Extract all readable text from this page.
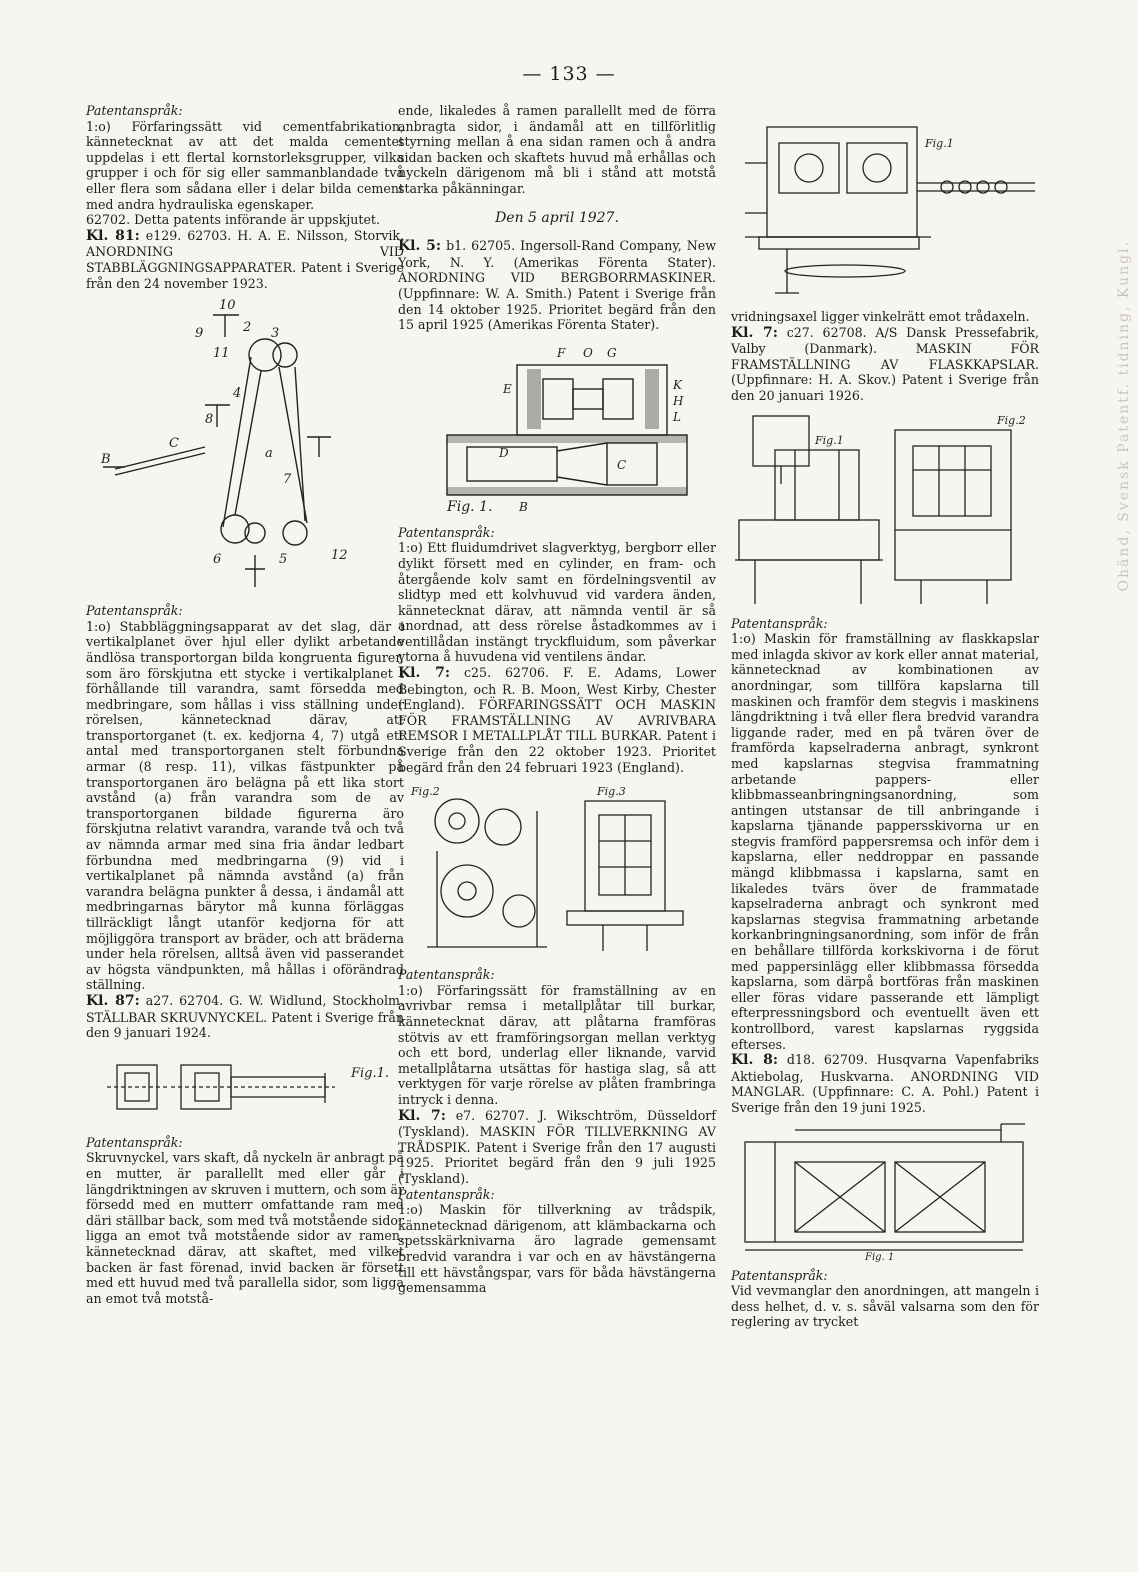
— 133 —
Ohänd, Svensk Patentf. tidning, Kungl.

Patentanspråk:

1:o) Förfaringssätt vid cementfabrikation, kännetecknat av att det malda cementet uppdelas i ett flertal kornstorleksgrupper, vilka grupper i och för sig eller sammanblandade två eller flera som sådana eller i delar bilda cement med andra hydrauliska egenskaper.

62702. Detta patents införande är uppskjutet.

Kl. 81: e129. 62703. H. A. E. Nilsson, Storvik. ANORDNING VID STABBLÄGGNINGSAPPARATER. Patent i Sverige från den 24 november 1923.

10
9	2 3
11
B
C
4
8
7
a
5
6	12

Patentanspråk:

1:o) Stabbläggningsapparat av det slag, där i vertikalplanet över hjul eller dylikt arbetande ändlösa transportorgan bilda kongruenta figurer, som äro förskjutna ett stycke i vertikalplanet i förhållande till varandra, samt försedda med medbringare, som hållas i viss ställning under rörelsen, kännetecknad därav, att transportorganet (t. ex. kedjorna 4, 7) utgå ett antal med transportorganen stelt förbundna armar (8 resp. 11), vilkas fästpunkter på transportorganen äro belägna på ett lika stort avstånd (a) från varandra som de av transportorganen bildade figurerna äro förskjutna relativt varandra, varande två och två av nämnda armar med sina fria ändar ledbart förbundna med medbringarna (9) vid i vertikalplanet på nämnda avstånd (a) från varandra belägna punkter å dessa, i ändamål att medbringarnas bärytor må kunna förläggas tillräckligt långt utanför kedjorna för att möjliggöra transport av bräder, och att bräderna under hela rörelsen, alltså även vid passerandet av högsta vändpunkten, må hållas i oförändrad ställning.

Kl. 87: a27. 62704. G. W. Widlund, Stockholm. STÄLLBAR SKRUVNYCKEL. Patent i Sverige från den 9 januari 1924.

Fig.1.

Patentanspråk:

Skruvnyckel, vars skaft, då nyckeln är anbragt på en mutter, är parallellt med eller går i längdriktningen av skruven i muttern, och som är försedd med en mutterr omfattande ram med däri ställbar back, som med två motstående sidor ligga an emot två motstående sidor av ramen, kännetecknad därav, att skaftet, med vilket backen är fast förenad, invid backen är försett med ett huvud med två parallella sidor, som ligga an emot två motstå-

ende, likaledes å ramen parallellt med de förra anbragta sidor, i ändamål att en tillförlitlig styrning mellan å ena sidan ramen och å andra sidan backen och skaftets huvud må erhållas och nyckeln därigenom må bli i stånd att motstå starka påkänningar.

Den 5 april 1927.

Kl. 5: b1. 62705. Ingersoll-Rand Company, New York, N. Y. (Amerikas Förenta Stater). ANORDNING VID BERGBORRMASKINER. (Uppfinnare: W. A. Smith.) Patent i Sverige från den 14 oktober 1925. Prioritet begärd från den 15 april 1925 (Amerikas Förenta Stater).

F O G
E
D
C
K
H
L
B
Fig. 1.

Patentanspråk:

1:o) Ett fluidumdrivet slagverktyg, bergborr eller dylikt försett med en cylinder, en fram- och återgående kolv samt en fördelningsventil av slidtyp med ett kolvhuvud vid vardera änden, kännetecknat därav, att nämnda ventil är så anordnad, att dess rörelse åstadkommes av i ventillådan instängt tryckfluidum, som påverkar ytorna å huvudena vid ventilens ändar.

Kl. 7: c25. 62706. F. E. Adams, Lower Bebington, och R. B. Moon, West Kirby, Chester (England). FÖRFARINGSSÄTT OCH MASKIN FÖR FRAMSTÄLLNING AV AVRIVBARA REMSOR I METALLPLÅT TILL BURKAR. Patent i Sverige från den 22 oktober 1923. Prioritet begärd från den 24 februari 1923 (England).

Fig.2	Fig.3

Patentanspråk:

1:o) Förfaringssätt för framställning av en avrivbar remsa i metallplåtar till burkar, kännetecknat därav, att plåtarna framföras stötvis av ett framföringsorgan mellan verktyg och ett bord, underlag eller liknande, varvid metallplåtarna utsättas för hastiga slag, så att verktygen för varje rörelse av plåten frambringa intryck i denna.

Kl. 7: e7. 62707. J. Wikschtröm, Düsseldorf (Tyskland). MASKIN FÖR TILLVERKNING AV TRÅDSPIK. Patent i Sverige från den 17 augusti 1925. Prioritet begärd från den 9 juli 1925 (Tyskland).

Patentanspråk:

1:o) Maskin för tillverkning av trådspik, kännetecknad därigenom, att klämbackarna och spetsskärknivarna äro lagrade gemensamt bredvid varandra i var och en av hävstängerna till ett hävstångspar, vars för båda hävstängerna gemensamma

Fig.1

vridningsaxel ligger vinkelrätt emot trådaxeln.

Kl. 7: c27. 62708. A/S Dansk Pressefabrik, Valby (Danmark). MASKIN FÖR FRAMSTÄLLNING AV FLASKKAPSLAR. (Uppfinnare: H. A. Skov.) Patent i Sverige från den 20 januari 1926.

Fig.1
Fig.2

Patentanspråk:

1:o) Maskin för framställning av flaskkapslar med inlagda skivor av kork eller annat material, kännetecknad av kombinationen av anordningar, som tillföra kapslarna till maskinen och framför dem stegvis i maskinens längdriktning i två eller flera bredvid varandra liggande rader, med en på tvären över de framförda kapselraderna anbragt, synkront med kapslarnas stegvisa frammatning arbetande pappers- eller klibbmasseanbringningsanordning, som antingen utstansar de till anbringande i kapslarna tjänande pappersskivorna ur en stegvis framförd pappersremsa och inför dem i kapslarna, eller neddroppar en passande mängd klibbmassa i kapslarna, samt en likaledes tvärs över de frammatade kapselraderna anbragt och synkront med kapslarnas stegvisa frammatning arbetande korkanbringningsanordning, som inför de från en behållare tillförda korkskivorna i de förut med pappersinlägg eller klibbmassa försedda kapslarna, som därpå bortföras från maskinen eller föras vidare passerande ett lämpligt efterpressningsbord och eventuellt även ett kontrollbord, varest kapslarnas ryggsida efterses.

Kl. 8: d18. 62709. Husqvarna Vapenfabriks Aktiebolag, Huskvarna. ANORDNING VID MANGLAR. (Uppfinnare: C. A. Pohl.) Patent i Sverige från den 19 juni 1925.

Fig. 1

Patentanspråk:

Vid vevmanglar den anordningen, att mangeln i dess helhet, d. v. s. såväl valsarna som den för reglering av trycket
